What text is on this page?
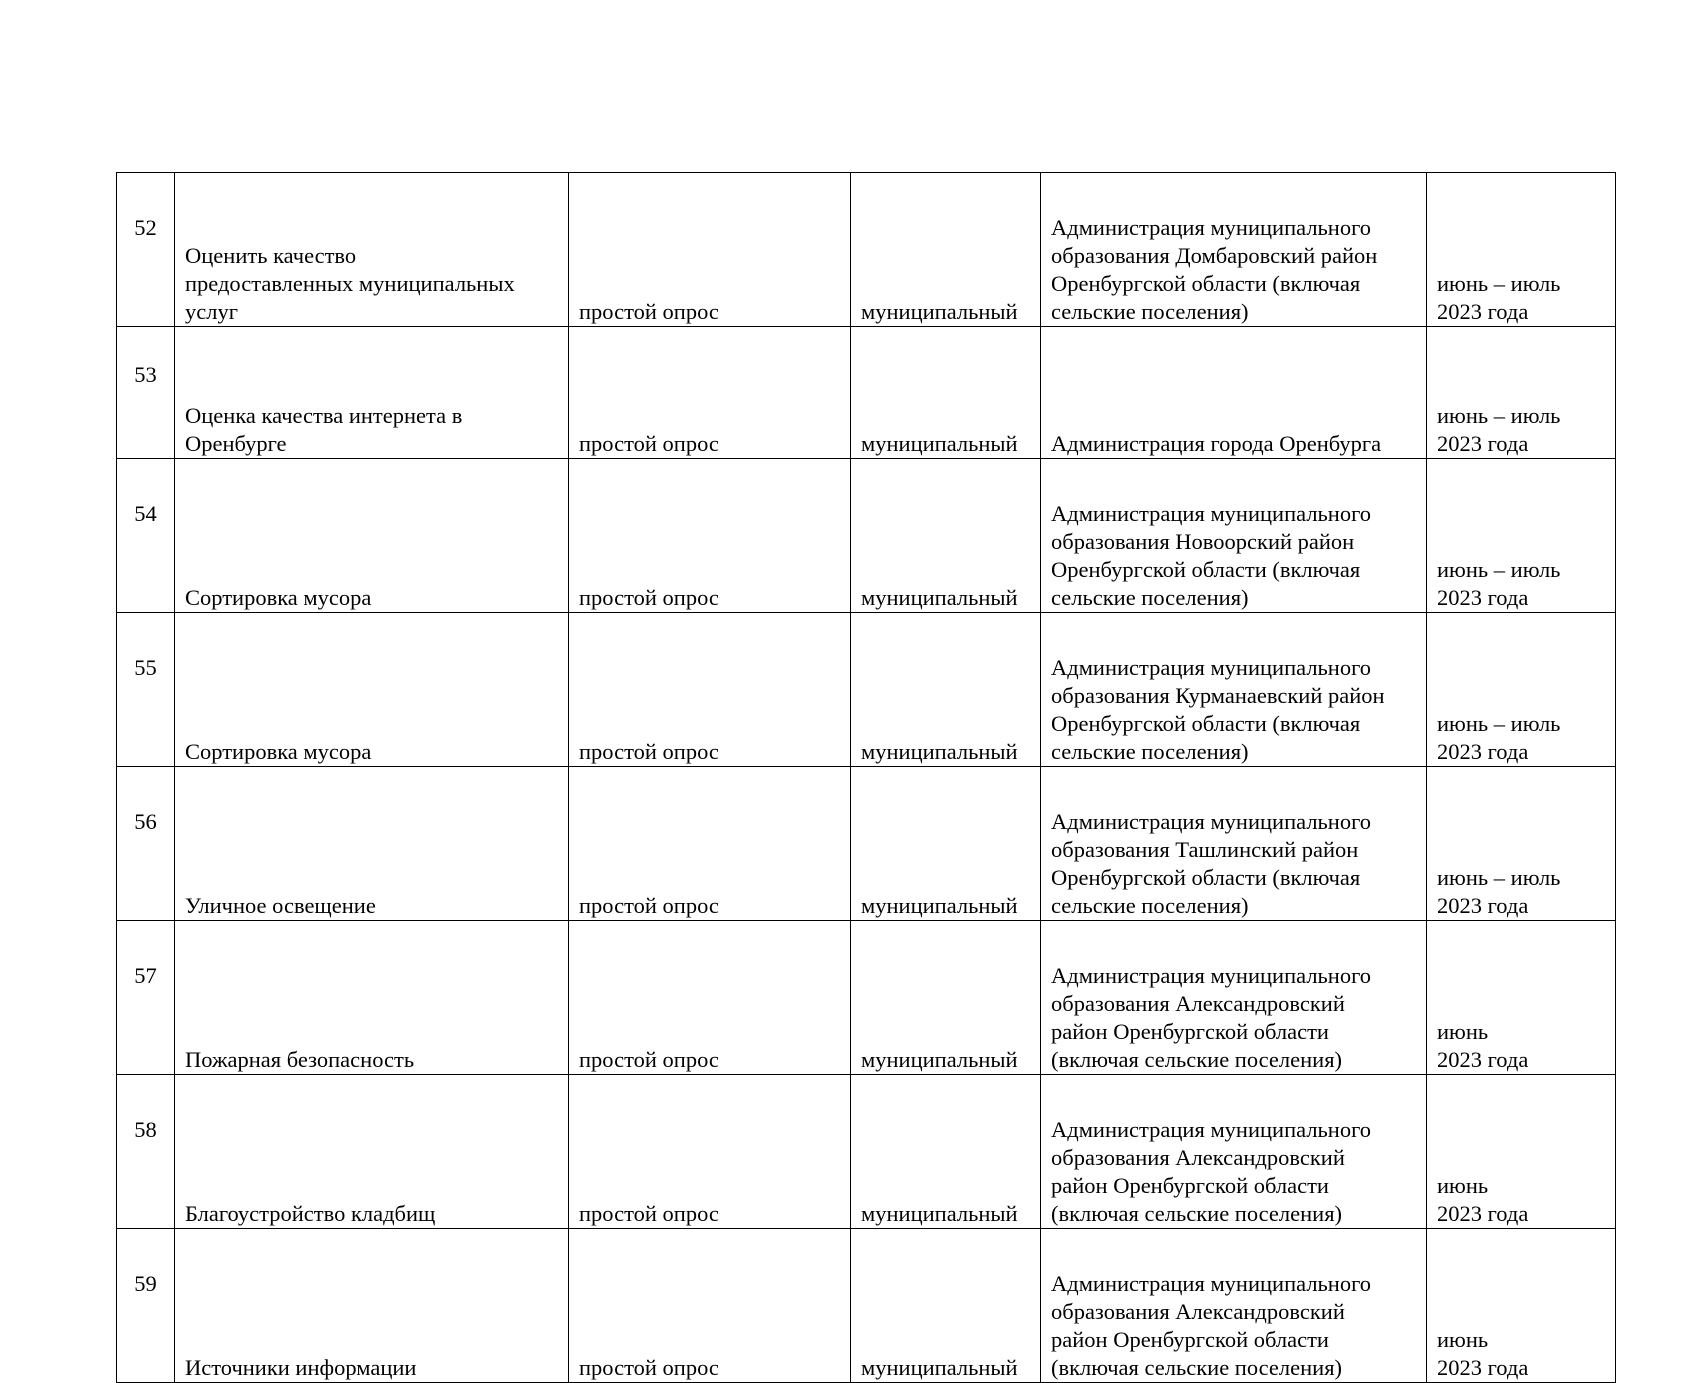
52	Оценить качество
предоставленных муниципальных
услуг	простой опрос	муниципальный	Администрация муниципального
образования Домбаровский район
Оренбургской области (включая
сельские поселения)	июнь – июль
2023 года
53	Оценка качества интернета в
Оренбурге	простой опрос	муниципальный	Администрация города Оренбурга	июнь – июль
2023 года
54	Сортировка мусора	простой опрос	муниципальный	Администрация муниципального
образования Новоорский район
Оренбургской области (включая
сельские поселения)	июнь – июль
2023 года
55	Сортировка мусора	простой опрос	муниципальный	Администрация муниципального
образования Курманаевский район
Оренбургской области (включая
сельские поселения)	июнь – июль
2023 года
56	Уличное освещение	простой опрос	муниципальный	Администрация муниципального
образования Ташлинский район
Оренбургской области (включая
сельские поселения)	июнь – июль
2023 года
57	Пожарная безопасность	простой опрос	муниципальный	Администрация муниципального
образования Александровский
район Оренбургской области
(включая сельские поселения)	июнь
2023 года
58	Благоустройство кладбищ	простой опрос	муниципальный	Администрация муниципального
образования Александровский
район Оренбургской области
(включая сельские поселения)	июнь
2023 года
59	Источники информации	простой опрос	муниципальный	Администрация муниципального
образования Александровский
район Оренбургской области
(включая сельские поселения)	июнь
2023 года
